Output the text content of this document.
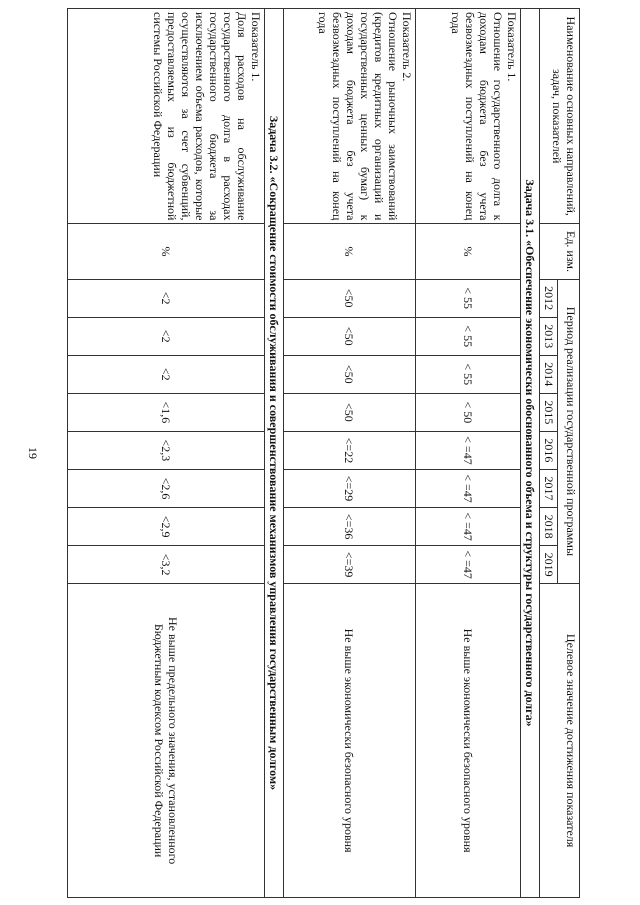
19
Наименование основных направлений, задач, показателей	Ед. изм.	Период реализации государственной программы								Целевое значение достижения показателя
		2012	2013	2014	2015	2016	2017	2018	2019	
Задача 3.1. «Обеспечение экономически обоснованного объема и структуры государственного долга»										

Показатель 1.
Отношение государственного долга к доходам бюджета без учета безвозмездных поступлений на конец года	%	< 55	< 55	< 55	< 50	< =47	< =47	< =47	< =47	Не выше экономически безопасного уровня

Показатель 2.
Отношение рыночных заимствований (кредитов кредитных организаций и государственных ценных бумаг) к доходам бюджета без учета безвозмездных поступлений на конец года	%	<50	<50	<50	<50	<=22	<=29	<=36	<=39	Не выше экономически безопасного уровня
Задача 3.2. «Сокращение стоимости обслуживания и совершенствование механизмов управления государственным долгом»										

Показатель 1.
Доля расходов на обслуживание государственного долга в расходах государственного бюджета за исключением объема расходов, которые осуществляются за счет субвенций, предоставляемых из бюджетной системы Российской Федерации	%	<2	<2	<2	<1,6	<2,3	<2,6	<2,9	<3,2	Не выше предельного значения, установленного Бюджетным кодексом Российской Федерации
